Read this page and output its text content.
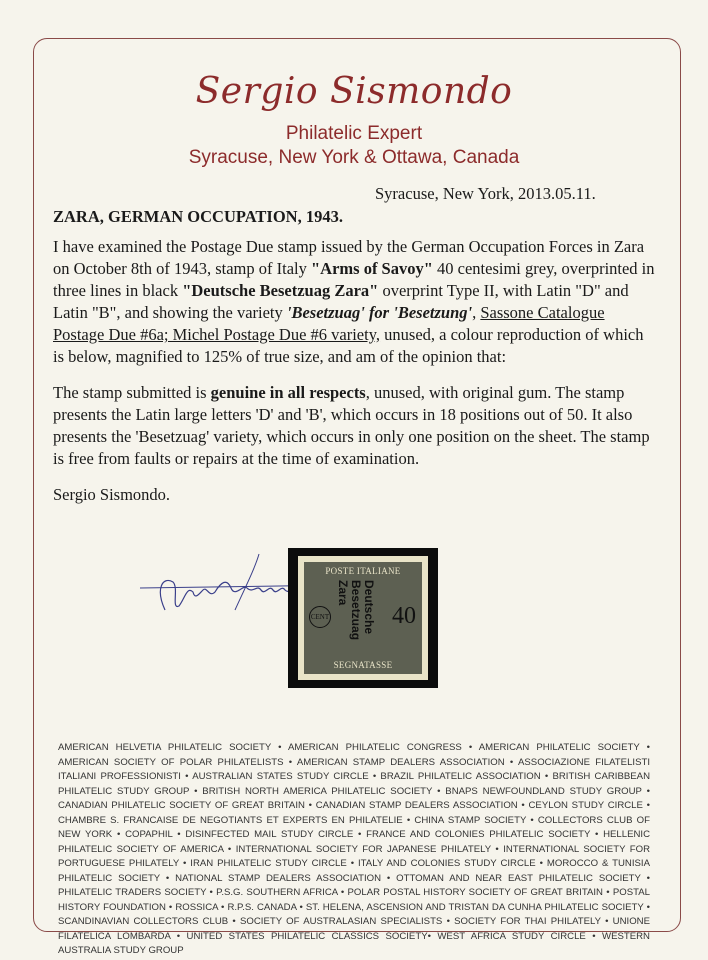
Sergio Sismondo
Philatelic Expert
Syracuse, New York & Ottawa, Canada
Syracuse, New York, 2013.05.11.
ZARA, GERMAN OCCUPATION, 1943.
I have examined the Postage Due stamp issued by the German Occupation Forces in Zara on October 8th of 1943, stamp of Italy "Arms of Savoy" 40 centesimi grey, overprinted in three lines in black "Deutsche Besetzuag Zara" overprint Type II, with Latin "D" and Latin "B", and showing the variety 'Besetzuag' for 'Besetzung', Sassone Catalogue Postage Due #6a; Michel Postage Due #6 variety, unused, a colour reproduction of which is below, magnified to 125% of true size, and am of the opinion that:
The stamp submitted is genuine in all respects, unused, with original gum. The stamp presents the Latin large letters 'D' and 'B', which occurs in 18 positions out of 50. It also presents the 'Besetzuag' variety, which occurs in only one position on the sheet. The stamp is free from faults or repairs at the time of examination.
Sergio Sismondo.
POSTE ITALIANE
CENT	Deutsche
Besetzuag
Zara
40
SEGNATASSE
AMERICAN HELVETIA PHILATELIC SOCIETY • AMERICAN PHILATELIC CONGRESS • AMERICAN PHILATELIC SOCIETY • AMERICAN SOCIETY OF POLAR PHILATELISTS • AMERICAN STAMP DEALERS ASSOCIATION • ASSOCIAZIONE FILATELISTI ITALIANI PROFESSIONISTI • AUSTRALIAN STATES STUDY CIRCLE • BRAZIL PHILATELIC ASSOCIATION • BRITISH CARIBBEAN PHILATELIC STUDY GROUP • BRITISH NORTH AMERICA PHILATELIC SOCIETY • BNAPS NEWFOUNDLAND STUDY GROUP • CANADIAN PHILATELIC SOCIETY OF GREAT BRITAIN • CANADIAN STAMP DEALERS ASSOCIATION • CEYLON STUDY CIRCLE • CHAMBRE S. FRANCAISE DE NEGOTIANTS ET EXPERTS EN PHILATELIE • CHINA STAMP SOCIETY • COLLECTORS CLUB OF NEW YORK • COPAPHIL • DISINFECTED MAIL STUDY CIRCLE • FRANCE AND COLONIES PHILATELIC SOCIETY • HELLENIC PHILATELIC SOCIETY OF AMERICA • INTERNATIONAL SOCIETY FOR JAPANESE PHILATELY • INTERNATIONAL SOCIETY FOR PORTUGUESE PHILATELY • IRAN PHILATELIC STUDY CIRCLE • ITALY AND COLONIES STUDY CIRCLE • MOROCCO & TUNISIA PHILATELIC SOCIETY • NATIONAL STAMP DEALERS ASSOCIATION • OTTOMAN AND NEAR EAST PHILATELIC SOCIETY • PHILATELIC TRADERS SOCIETY • P.S.G. SOUTHERN AFRICA • POLAR POSTAL HISTORY SOCIETY OF GREAT BRITAIN • POSTAL HISTORY FOUNDATION • ROSSICA • R.P.S. CANADA • ST. HELENA, ASCENSION AND TRISTAN DA CUNHA PHILATELIC SOCIETY • SCANDINAVIAN COLLECTORS CLUB • SOCIETY OF AUSTRALASIAN SPECIALISTS • SOCIETY FOR THAI PHILATELY • UNIONE FILATELICA LOMBARDA • UNITED STATES PHILATELIC CLASSICS SOCIETY• WEST AFRICA STUDY CIRCLE • WESTERN AUSTRALIA STUDY GROUP
